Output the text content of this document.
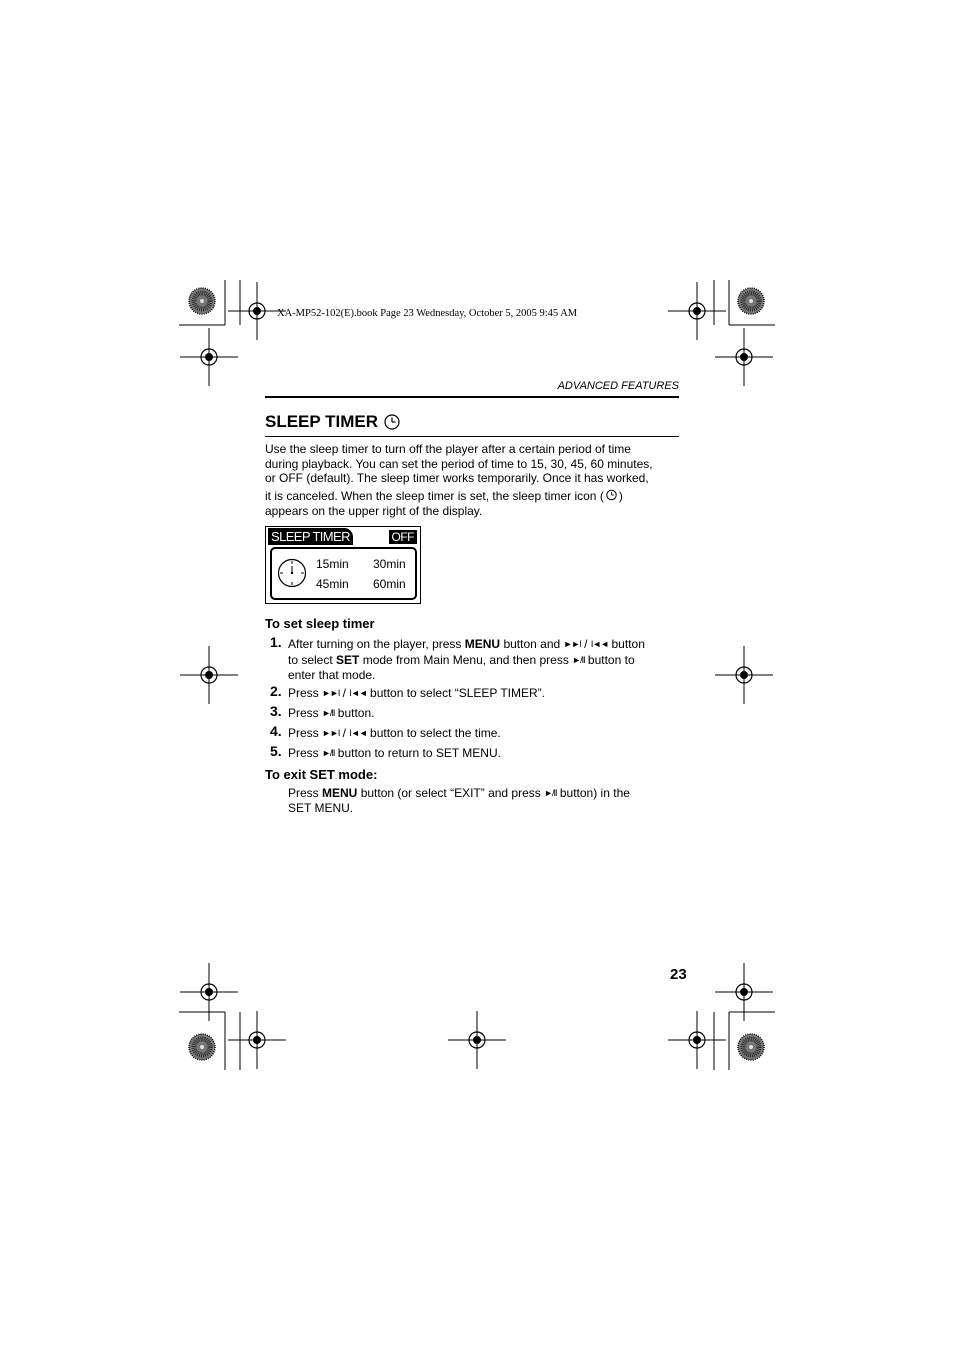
XA-MP52-102(E).book Page 23 Wednesday, October 5, 2005 9:45 AM
ADVANCED FEATURES
SLEEP TIMER

Use the sleep timer to turn off the player after a certain period of time

during playback. You can set the period of time to 15, 30, 45, 60 minutes,

or OFF (default). The sleep timer works temporarily. Once it has worked,

it is canceled. When the sleep timer is set, the sleep timer icon ( )

appears on the upper right of the display.

SLEEP TIMER	OFF
15min 30min
45min 60min
To set sleep timer
1. After turning on the player, press MENU button and ►►I / I◄◄ button
to select SET mode from Main Menu, and then press ►/II button to
enter that mode.
2. Press ►►I / I◄◄ button to select “SLEEP TIMER”.
3. Press ►/II button.
4. Press ►►I / I◄◄ button to select the time.
5. Press ►/II button to return to SET MENU.
To exit SET mode:
Press MENU button (or select “EXIT” and press ►/II button) in the
SET MENU.
23
